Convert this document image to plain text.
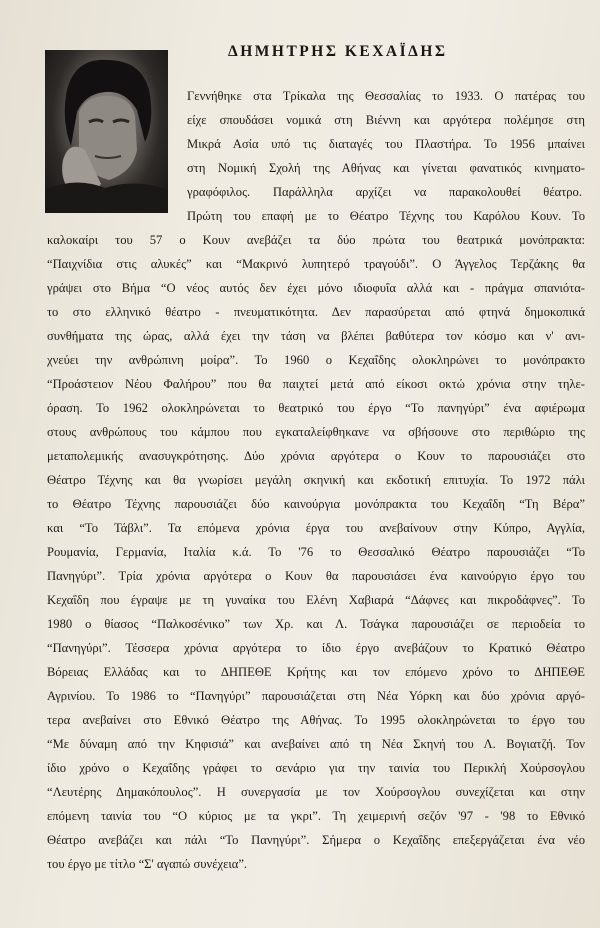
ΔΗΜΗΤΡΗΣ ΚΕΧΑΪΔΗΣ
Γεννήθηκε στα Τρίκαλα της Θεσσαλίας το 1933. Ο πατέρας του
είχε σπουδάσει νομικά στη Βιέννη και αργότερα πολέμησε στη
Μικρά Ασία υπό τις διαταγές του Πλαστήρα. Το 1956 μπαίνει
στη Νομική Σχολή της Αθήνας και γίνεται φανατικός κινηματο-
γραφόφιλος. Παράλληλα αρχίζει να παρακολουθεί θέατρο.
Πρώτη του επαφή με το Θέατρο Τέχνης του Καρόλου Κουν. Το
καλοκαίρι του 57 ο Κουν ανεβάζει τα δύο πρώτα του θεατρικά μονόπρακτα:
“Παιχνίδια στις αλυκές” και “Μακρινό λυπητερό τραγούδι”. Ο Άγγελος Τερζάκης θα
γράψει στο Βήμα “Ο νέος αυτός δεν έχει μόνο ιδιοφυΐα αλλά και - πράγμα σπανιότα-
το στο ελληνικό θέατρο - πνευματικότητα. Δεν παρασύρεται από φτηνά δημοκοπικά
συνθήματα της ώρας, αλλά έχει την τάση να βλέπει βαθύτερα τον κόσμο και ν' ανι-
χνεύει την ανθρώπινη μοίρα”. Το 1960 ο Κεχαΐδης ολοκληρώνει το μονόπρακτο
“Προάστειον Νέου Φαλήρου” που θα παιχτεί μετά από είκοσι οκτώ χρόνια στην τηλε-
όραση. Το 1962 ολοκληρώνεται το θεατρικό του έργο “Το πανηγύρι” ένα αφιέρωμα
στους ανθρώπους του κάμπου που εγκαταλείφθηκανε να σβήσουνε στο περιθώριο της
μεταπολεμικής ανασυγκρότησης. Δύο χρόνια αργότερα ο Κουν το παρουσιάζει στο
Θέατρο Τέχνης και θα γνωρίσει μεγάλη σκηνική και εκδοτική επιτυχία. Το 1972 πάλι
το Θέατρο Τέχνης παρουσιάζει δύο καινούργια μονόπρακτα του Κεχαΐδη “Τη Βέρα”
και “Το Τάβλι”. Τα επόμενα χρόνια έργα του ανεβαίνουν στην Κύπρο, Αγγλία,
Ρουμανία, Γερμανία, Ιταλία κ.ά. Το '76 το Θεσσαλικό Θέατρο παρουσιάζει “Το
Πανηγύρι”. Τρία χρόνια αργότερα ο Κουν θα παρουσιάσει ένα καινούργιο έργο του
Κεχαΐδη που έγραψε με τη γυναίκα του Ελένη Χαβιαρά “Δάφνες και πικροδάφνες”. Το
1980 ο θίασος “Παλκοσένικο” των Χρ. και Λ. Τσάγκα παρουσιάζει σε περιοδεία το
“Πανηγύρι”. Τέσσερα χρόνια αργότερα το ίδιο έργο ανεβάζουν το Κρατικό Θέατρο
Βόρειας Ελλάδας και το ΔΗΠΕΘΕ Κρήτης και τον επόμενο χρόνο το ΔΗΠΕΘΕ
Αγρινίου. Το 1986 το “Πανηγύρι” παρουσιάζεται στη Νέα Υόρκη και δύο χρόνια αργό-
τερα ανεβαίνει στο Εθνικό Θέατρο της Αθήνας. Το 1995 ολοκληρώνεται το έργο του
“Με δύναμη από την Κηφισιά” και ανεβαίνει από τη Νέα Σκηνή του Λ. Βογιατζή. Τον
ίδιο χρόνο ο Κεχαΐδης γράφει το σενάριο για την ταινία του Περικλή Χούρσογλου
“Λευτέρης Δημακόπουλος”. Η συνεργασία με τον Χούρσογλου συνεχίζεται και στην
επόμενη ταινία του “Ο κύριος με τα γκρι”. Τη χειμερινή σεζόν '97 - '98 το Εθνικό
Θέατρο ανεβάζει και πάλι “Το Πανηγύρι”. Σήμερα ο Κεχαΐδης επεξεργάζεται ένα νέο
του έργο με τίτλο “Σ' αγαπώ συνέχεια”.
